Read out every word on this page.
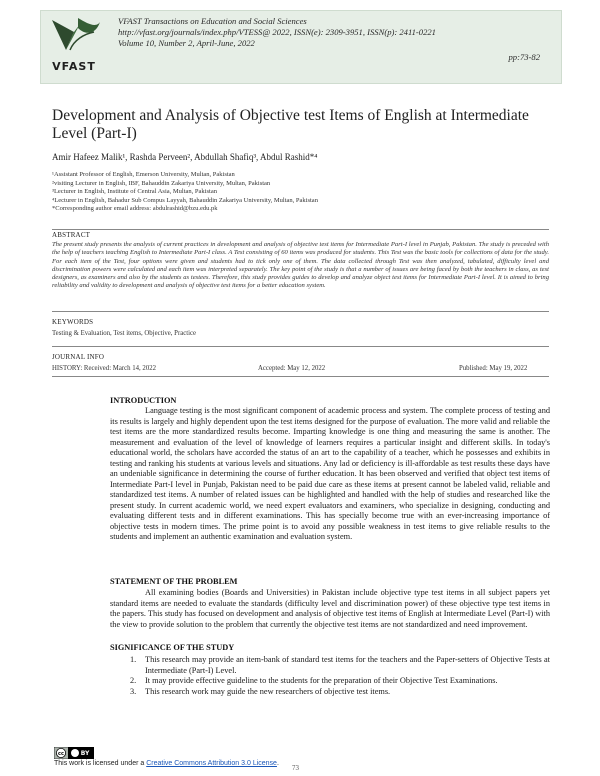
VFAST
VFAST Transactions on Education and Social Sciences
http://vfast.org/journals/index.php/VTESS@ 2022, ISSN(e): 2309-3951, ISSN(p): 2411-0221
Volume 10, Number 2, April-June, 2022
pp:73-82
Development and Analysis of Objective test Items of English at Intermediate Level (Part-I)
Amir Hafeez Malik¹, Rashda Perveen², Abdullah Shafiq³, Abdul Rashid*⁴
¹Assistant Professor of English, Emerson University, Multan, Pakistan
²visiting Lecturer in English, IBF, Bahauddin Zakariya University, Multan, Pakistan
³Lecturer in English, Institute of Central Asia, Multan, Pakistan
⁴Lecturer in English, Bahadur Sub Compus Layyah, Bahauddin Zakariya University, Multan, Pakistan
*Corresponding author email address: abdulrashid@bzu.edu.pk
ABSTRACT
The present study presents the analysis of current practices in development and analysis of objective test items for Intermediate Part-I level in Punjab, Pakistan. The study is preceded with the help of teachers teaching English to Intermediate Part-I class. A Test consisting of 60 items was produced for students. This Test was the basic tools for collections of data for the study. For each item of the Test, four options were given and students had to tick only one of them. The data collected through Test was then analyzed, tabulated, difficulty level and discrimination powers were calculated and each item was interpreted separately. The key point of the study is that a number of issues are being faced by both the teachers in class, as test designers, as examiners and also by the students as testees. Therefore, this study provides guides to develop and analyze object test items for Intermediate Part-I level. It is aimed to bring reliability and validity to development and analysis of objective test items for a better education system.
KEYWORDS
Testing & Evaluation, Test items, Objective, Practice
JOURNAL INFO
HISTORY: Received: March 14, 2022	Accepted: May 12, 2022	Published: May 19, 2022
INTRODUCTION
Language testing is the most significant component of academic process and system. The complete process of testing and its results is largely and highly dependent upon the test items designed for the purpose of evaluation. The more valid and reliable the test items are the more standardized results become. Imparting knowledge is one thing and measuring the same is another. The measurement and evaluation of the level of knowledge of learners requires a particular insight and different skills. In today's educational world, the scholars have accorded the status of an art to the capability of a teacher, which he possesses and exhibits in testing and ranking his students at various levels and situations. Any lad or deficiency is ill-affordable as test results these days have an undeniable significance in determining the course of further education. It has been observed and verified that object test items of Intermediate Part-I level in Punjab, Pakistan need to be paid due care as these items at present cannot be labeled valid, reliable and standardized test items. A number of related issues can be highlighted and handled with the help of studies and researched like the present study. In current academic world, we need expert evaluators and examiners, who specialize in designing, conducting and evaluating different tests and in different examinations. This has specially become true with an ever-increasing importance of objective tests in modern times. The prime point is to avoid any possible weakness in test items to give reliable results to the students and implement an authentic examination and evaluation system.
STATEMENT OF THE PROBLEM
All examining bodies (Boards and Universities) in Pakistan include objective type test items in all subject papers yet standard items are needed to evaluate the standards (difficulty level and discrimination power) of these objective type test items in the papers. This study has focused on development and analysis of objective test items of English at Intermediate Level (Part-I) with the view to provide solution to the problem that currently the objective test items are not standardized and need improvement.
SIGNIFICANCE OF THE STUDY
1. This research may provide an item-bank of standard test items for the teachers and the Paper-setters of Objective Tests at Intermediate (Part-I) Level.
2. It may provide effective guideline to the students for the preparation of their Objective Test Examinations.
3. This research work may guide the new researchers of objective test items.
cc	BY
This work is licensed under a Creative Commons Attribution 3.0 License.
73
